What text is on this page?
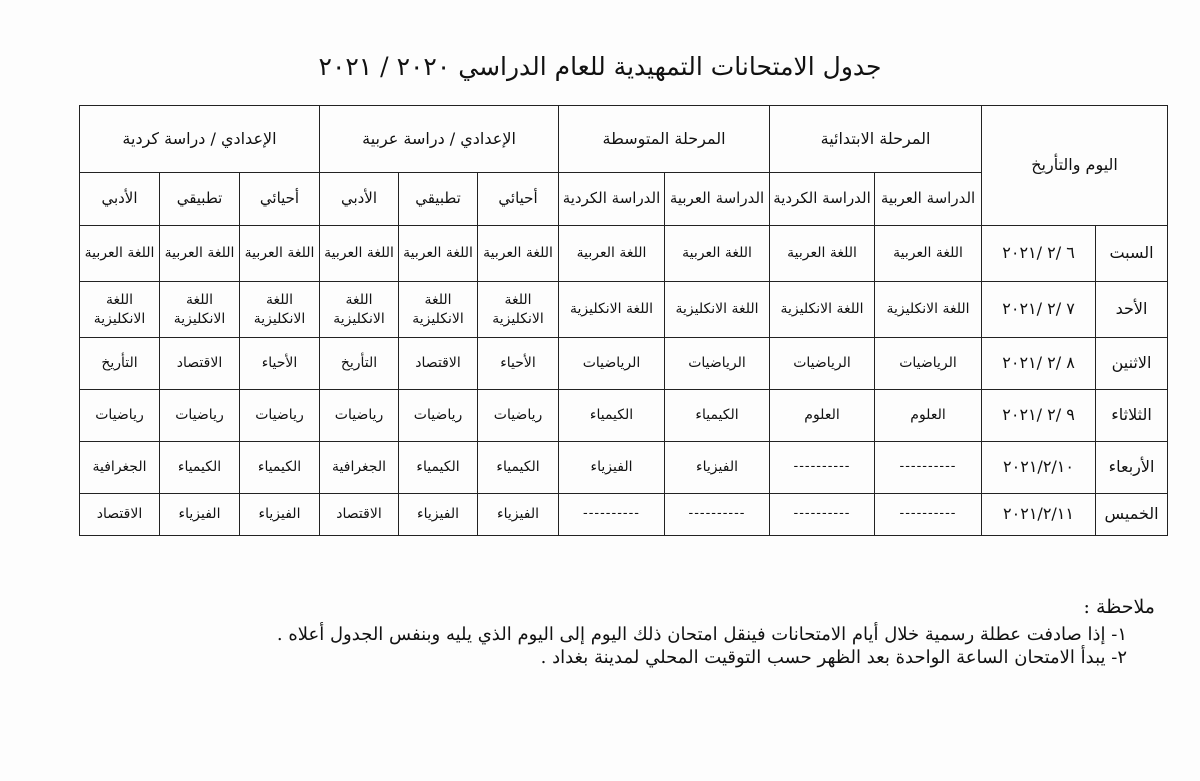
جدول الامتحانات التمهيدية للعام الدراسي ٢٠٢٠ / ٢٠٢١
اليوم والتأريخ		المرحلة الابتدائية		المرحلة المتوسطة		الإعدادي / دراسة عربية			الإعدادي / دراسة كردية		
		الدراسة العربية	الدراسة الكردية	الدراسة العربية	الدراسة الكردية	أحيائي	تطبيقي	الأدبي	أحيائي	تطبيقي	الأدبي
السبت	٦ /٢ /٢٠٢١	اللغة العربية	اللغة العربية	اللغة العربية	اللغة العربية	اللغة العربية	اللغة العربية	اللغة العربية	اللغة العربية	اللغة العربية	اللغة العربية
الأحد	٧ /٢ /٢٠٢١	اللغة الانكليزية	اللغة الانكليزية	اللغة الانكليزية	اللغة الانكليزية	اللغة الانكليزية	اللغة الانكليزية	اللغة الانكليزية	اللغة الانكليزية	اللغة الانكليزية	اللغة الانكليزية
الاثنين	٨ /٢ /٢٠٢١	الرياضيات	الرياضيات	الرياضيات	الرياضيات	الأحياء	الاقتصاد	التأريخ	الأحياء	الاقتصاد	التأريخ
الثلاثاء	٩ /٢ /٢٠٢١	العلوم	العلوم	الكيمياء	الكيمياء	رياضيات	رياضيات	رياضيات	رياضيات	رياضيات	رياضيات
الأربعاء	٢٠٢١/٢/١٠	----------	----------	الفيزياء	الفيزياء	الكيمياء	الكيمياء	الجغرافية	الكيمياء	الكيمياء	الجغرافية
الخميس	٢٠٢١/٢/١١	----------	----------	----------	----------	الفيزياء	الفيزياء	الاقتصاد	الفيزياء	الفيزياء	الاقتصاد
ملاحظة :
١- إذا صادفت عطلة رسمية خلال أيام الامتحانات فينقل امتحان ذلك اليوم إلى اليوم الذي يليه وبنفس الجدول أعلاه .
٢- يبدأ الامتحان الساعة الواحدة بعد الظهر حسب التوقيت المحلي لمدينة بغداد .
